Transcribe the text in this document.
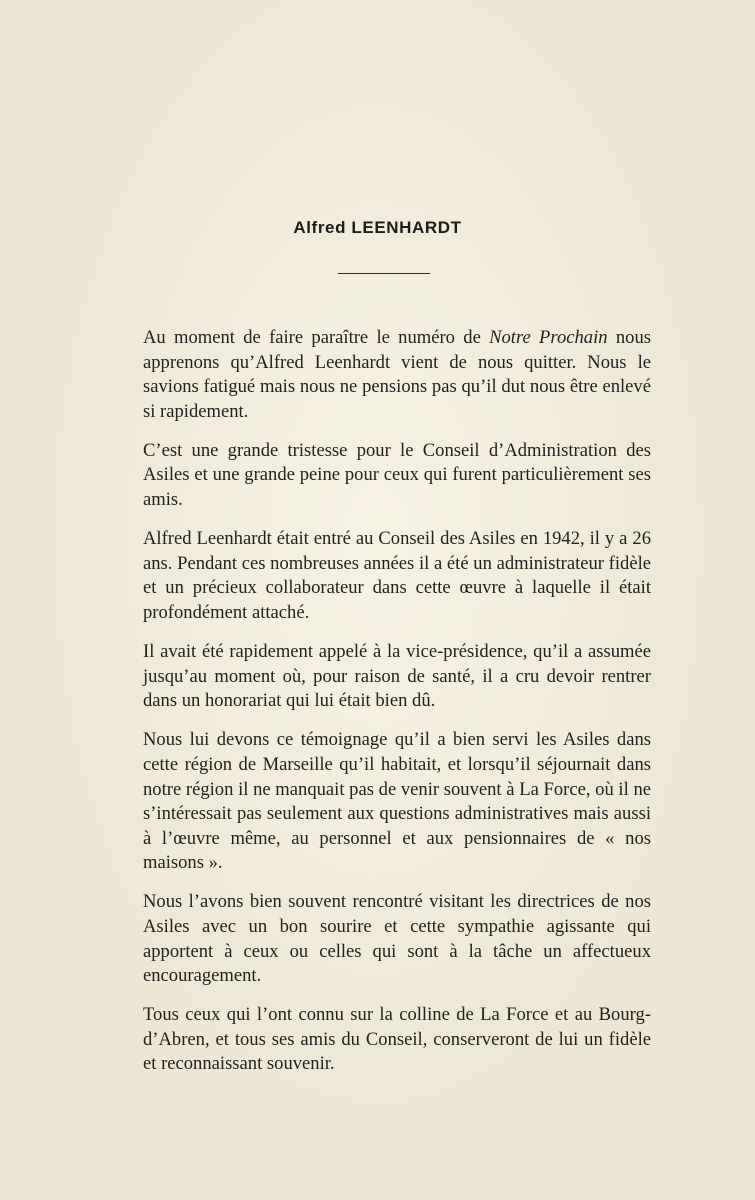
Alfred LEENHARDT

Au moment de faire paraître le numéro de Notre Prochain nous apprenons qu’Alfred Leenhardt vient de nous quitter. Nous le savions fatigué mais nous ne pensions pas qu’il dut nous être enlevé si rapidement.

C’est une grande tristesse pour le Conseil d’Administration des Asiles et une grande peine pour ceux qui furent particulièrement ses amis.

Alfred Leenhardt était entré au Conseil des Asiles en 1942, il y a 26 ans. Pendant ces nombreuses années il a été un administrateur fidèle et un précieux collaborateur dans cette œuvre à laquelle il était profondément attaché.

Il avait été rapidement appelé à la vice-présidence, qu’il a assumée jusqu’au moment où, pour raison de santé, il a cru devoir rentrer dans un honorariat qui lui était bien dû.

Nous lui devons ce témoignage qu’il a bien servi les Asiles dans cette région de Marseille qu’il habitait, et lorsqu’il séjournait dans notre région il ne manquait pas de venir souvent à La Force, où il ne s’intéressait pas seulement aux questions administratives mais aussi à l’œuvre même, au personnel et aux pensionnaires de « nos maisons ».

Nous l’avons bien souvent rencontré visitant les directrices de nos Asiles avec un bon sourire et cette sympathie agissante qui apportent à ceux ou celles qui sont à la tâche un affectueux encouragement.

Tous ceux qui l’ont connu sur la colline de La Force et au Bourg-d’Abren, et tous ses amis du Conseil, conserveront de lui un fidèle et reconnaissant souvenir.
